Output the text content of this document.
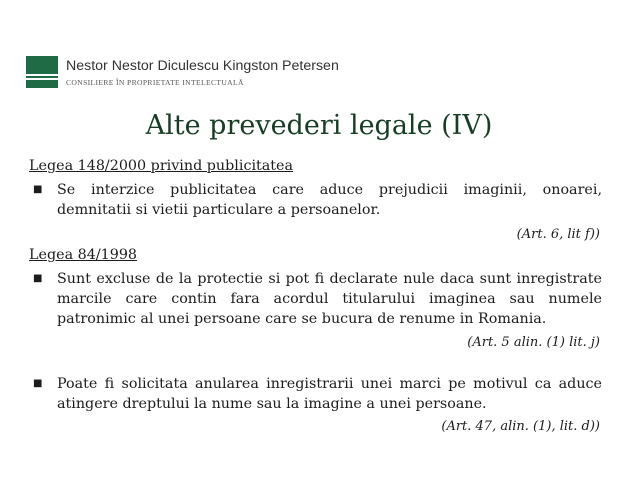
Nestor Nestor Diculescu Kingston Petersen
CONSILIERE ÎN PROPRIETATE INTELECTUALĂ
Alte prevederi legale (IV)
Legea 148/2000 privind publicitatea
■ Se interzice publicitatea care aduce prejudicii imaginii, onoarei, demnitatii si vietii particulare a persoanelor.
(Art. 6, lit f))
Legea 84/1998
■ Sunt excluse de la protectie si pot fi declarate nule daca sunt inregistrate marcile care contin fara acordul titularului imaginea sau numele patronimic al unei persoane care se bucura de renume in Romania.
(Art. 5 alin. (1) lit. j)
■ Poate fi solicitata anularea inregistrarii unei marci pe motivul ca aduce atingere dreptului la nume sau la imagine a unei persoane.
(Art. 47, alin. (1), lit. d))
